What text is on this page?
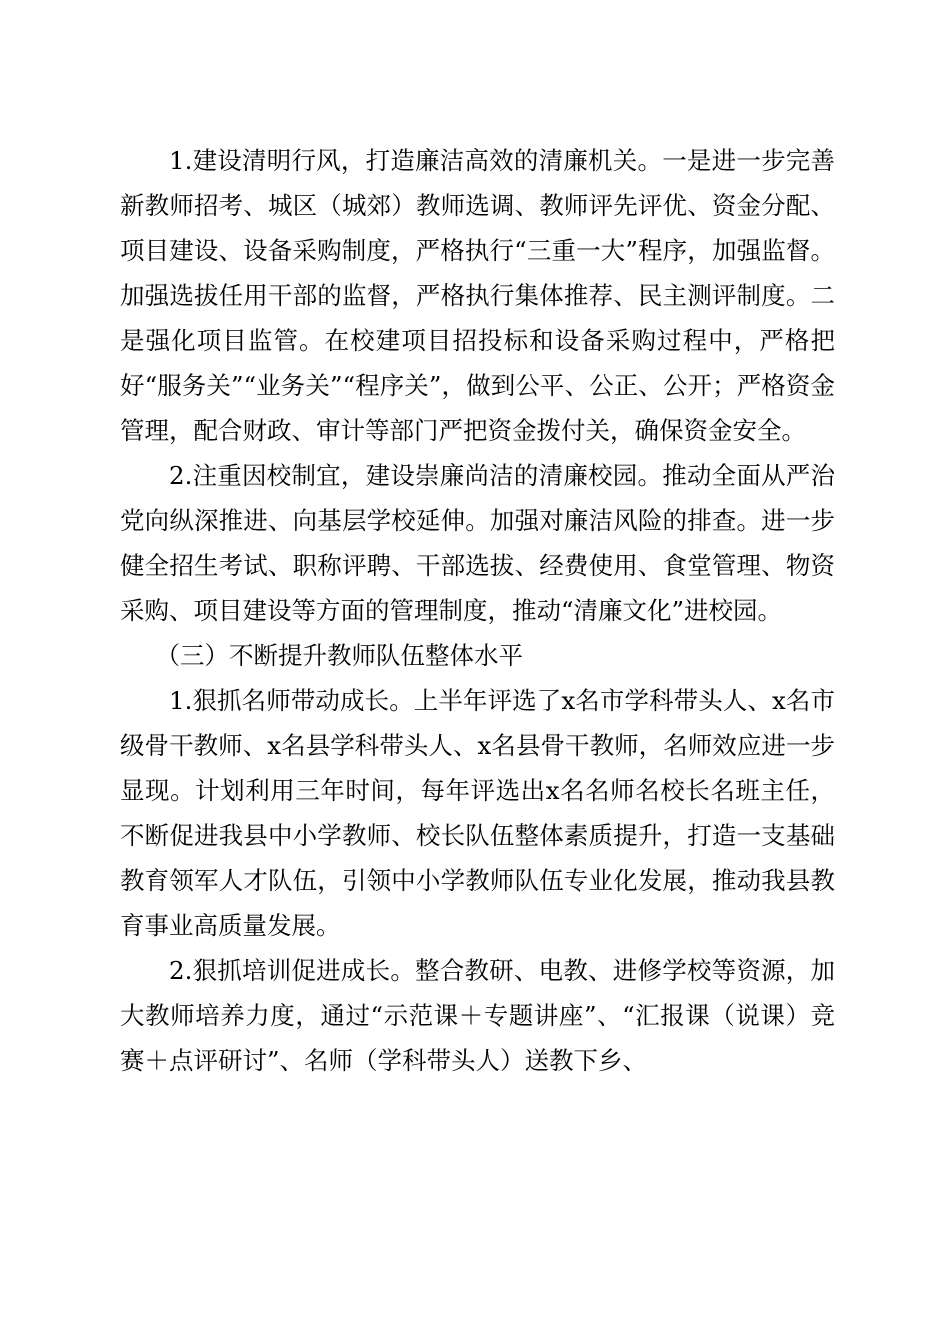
1.建设清明行风，打造廉洁高效的清廉机关。一是进一步完善新教师招考、城区（城郊）教师选调、教师评先评优、资金分配、项目建设、设备采购制度，严格执行“三重一大”程序，加强监督。加强选拔任用干部的监督，严格执行集体推荐、民主测评制度。二是强化项目监管。在校建项目招投标和设备采购过程中，严格把好“服务关”“业务关”“程序关”，做到公平、公正、公开；严格资金管理，配合财政、审计等部门严把资金拨付关，确保资金安全。

2.注重因校制宜，建设崇廉尚洁的清廉校园。推动全面从严治党向纵深推进、向基层学校延伸。加强对廉洁风险的排查。进一步健全招生考试、职称评聘、干部选拔、经费使用、食堂管理、物资采购、项目建设等方面的管理制度，推动“清廉文化”进校园。

（三）不断提升教师队伍整体水平

1.狠抓名师带动成长。上半年评选了x名市学科带头人、x名市级骨干教师、x名县学科带头人、x名县骨干教师，名师效应进一步显现。计划利用三年时间，每年评选出x名名师名校长名班主任，不断促进我县中小学教师、校长队伍整体素质提升，打造一支基础教育领军人才队伍，引领中小学教师队伍专业化发展，推动我县教育事业高质量发展。

2.狠抓培训促进成长。整合教研、电教、进修学校等资源，加大教师培养力度，通过“示范课＋专题讲座”、“汇报课（说课）竞赛＋点评研讨”、名师（学科带头人）送教下乡、
